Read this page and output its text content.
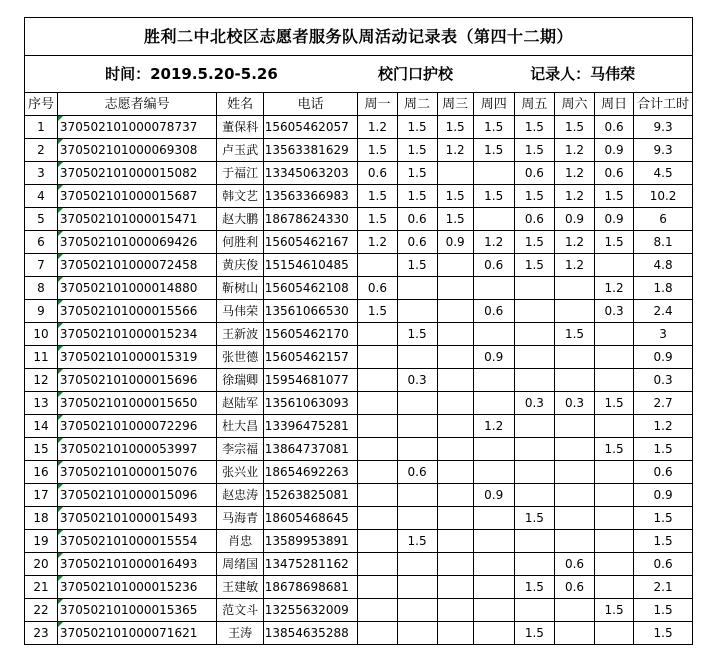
胜利二中北校区志愿者服务队周活动记录表（第四十二期）											
时间：2019.5.20-5.26				校门口护校			记录人：马伟荣				
序号	志愿者编号	姓名	电话	周一	周二	周三	周四	周五	周六	周日	合计工时
1	370502101000078737	董保科	15605462057	1.2	1.5	1.5	1.5	1.5	1.5	0.6	9.3
2	370502101000069308	卢玉武	13563381629	1.5	1.5	1.2	1.5	1.5	1.2	0.9	9.3
3	370502101000015082	于福江	13345063203	0.6	1.5			0.6	1.2	0.6	4.5
4	370502101000015687	韩文艺	13563366983	1.5	1.5	1.5	1.5	1.5	1.2	1.5	10.2
5	370502101000015471	赵大鹏	18678624330	1.5	0.6	1.5		0.6	0.9	0.9	6
6	370502101000069426	何胜利	15605462167	1.2	0.6	0.9	1.2	1.5	1.2	1.5	8.1
7	370502101000072458	黄庆俊	15154610485		1.5		0.6	1.5	1.2		4.8
8	370502101000014880	靳树山	15605462108	0.6						1.2	1.8
9	370502101000015566	马伟荣	13561066530	1.5			0.6			0.3	2.4
10	370502101000015234	王新波	15605462170		1.5				1.5		3
11	370502101000015319	张世德	15605462157				0.9				0.9
12	370502101000015696	徐瑞卿	15954681077		0.3						0.3
13	370502101000015650	赵陆军	13561063093					0.3	0.3	1.5	2.7
14	370502101000072296	杜大昌	13396475281				1.2				1.2
15	370502101000053997	李宗福	13864737081							1.5	1.5
16	370502101000015076	张兴业	18654692263		0.6						0.6
17	370502101000015096	赵忠涛	15263825081				0.9				0.9
18	370502101000015493	马海青	18605468645					1.5			1.5
19	370502101000015554	肖忠	13589953891		1.5						1.5
20	370502101000016493	周绪国	13475281162						0.6		0.6
21	370502101000015236	王建敏	18678698681					1.5	0.6		2.1
22	370502101000015365	范文斗	13255632009							1.5	1.5
23	370502101000071621	王涛	13854635288					1.5			1.5
